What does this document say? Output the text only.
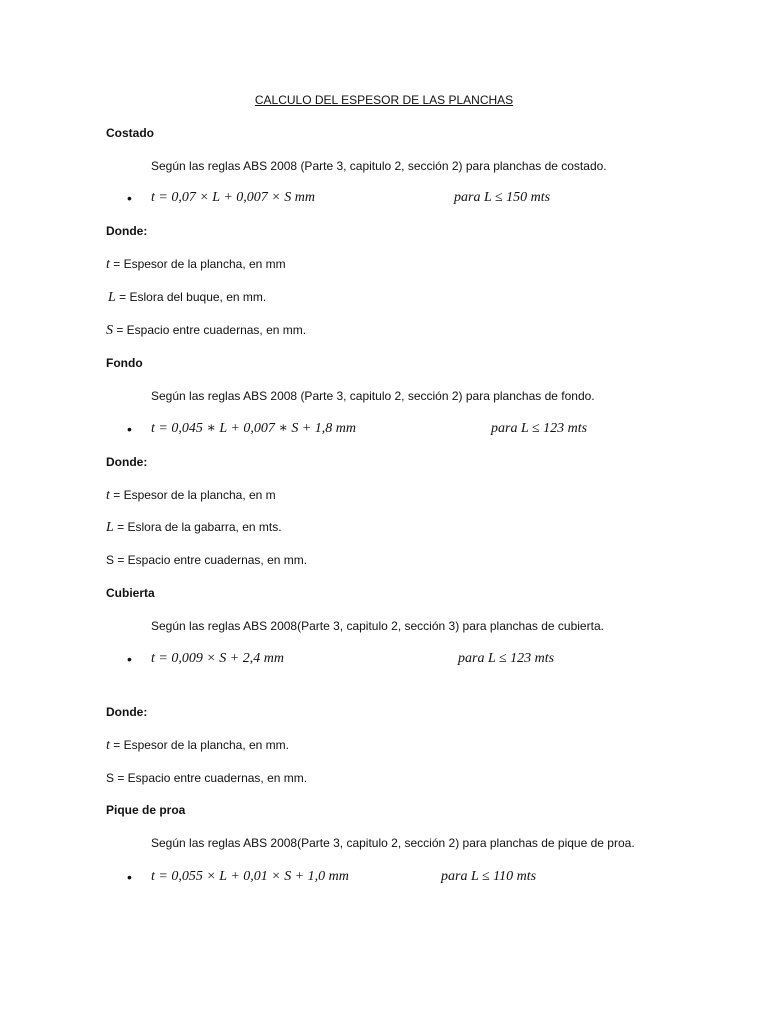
CALCULO DEL ESPESOR DE LAS PLANCHAS
Costado
Según las reglas ABS 2008 (Parte 3, capitulo 2, sección 2) para planchas de costado.
• t = 0,07 × L + 0,007 × S mm	para L ≤ 150 mts
Donde:
t = Espesor de la plancha, en mm
L = Eslora del buque, en mm.
S = Espacio entre cuadernas, en mm.
Fondo
Según las reglas ABS 2008 (Parte 3, capitulo 2, sección 2) para planchas de fondo.
• t = 0,045 ∗ L + 0,007 ∗ S + 1,8 mm	para L ≤ 123 mts
Donde:
t = Espesor de la plancha, en m
L = Eslora de la gabarra, en mts.
S = Espacio entre cuadernas, en mm.
Cubierta
Según las reglas ABS 2008(Parte 3, capitulo 2, sección 3) para planchas de cubierta.
• t = 0,009 × S + 2,4 mm	para L ≤ 123 mts
Donde:
t = Espesor de la plancha, en mm.
S = Espacio entre cuadernas, en mm.
Pique de proa
Según las reglas ABS 2008(Parte 3, capitulo 2, sección 2) para planchas de pique de proa.
• t = 0,055 × L + 0,01 × S + 1,0 mm	para L ≤ 110 mts
